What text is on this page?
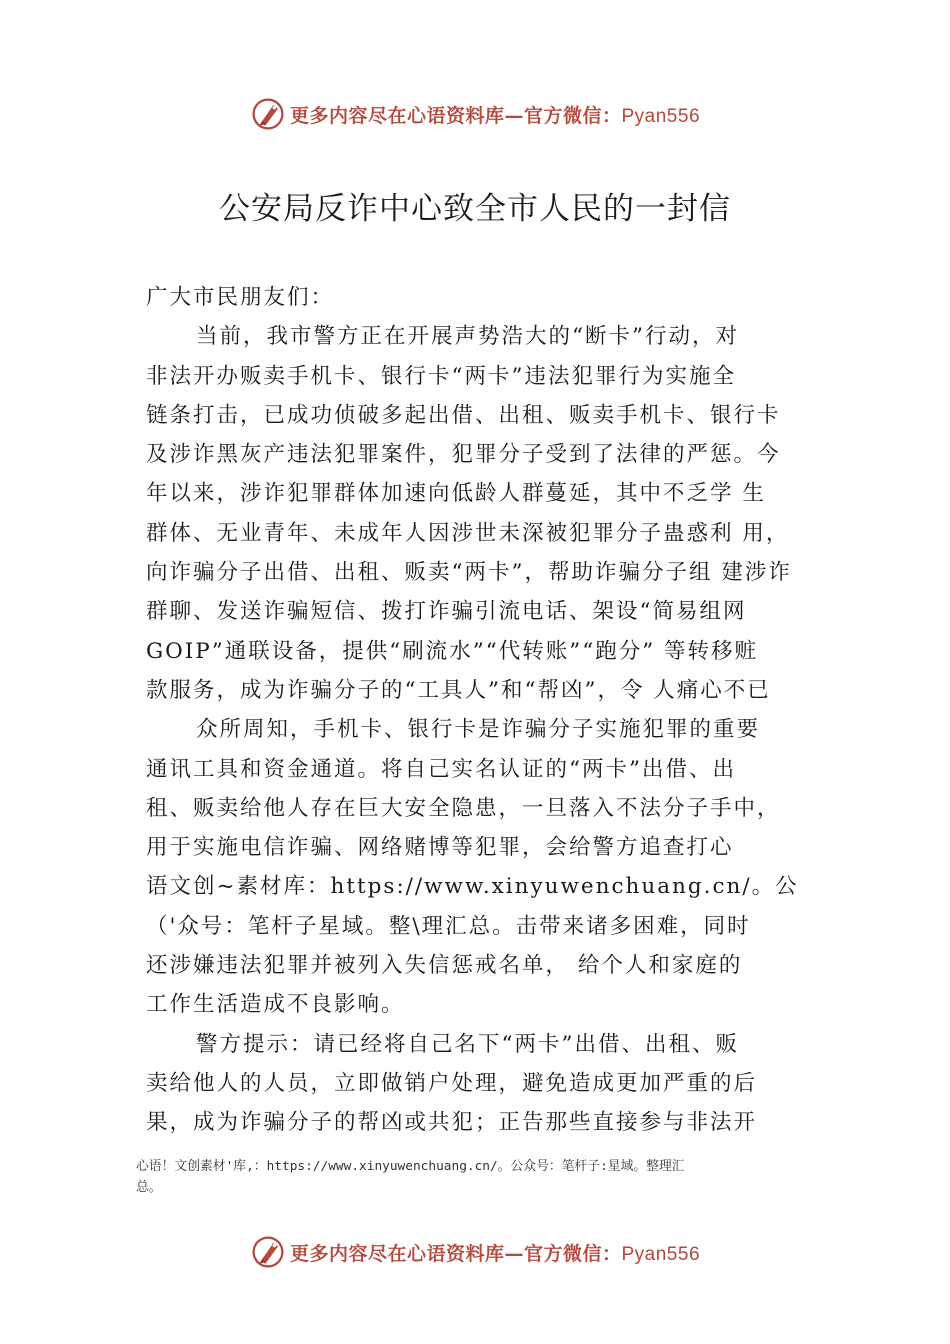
更多内容尽在心语资料库—官方微信：Pyan556
公安局反诈中心致全市人民的一封信

广大市民朋友们：

当前，我市警方正在开展声势浩大的“断卡”行动，对

非法开办贩卖手机卡、银行卡“两卡”违法犯罪行为实施全

链条打击，已成功侦破多起出借、出租、贩卖手机卡、银行卡

及涉诈黑灰产违法犯罪案件，犯罪分子受到了法律的严惩。今

年以来，涉诈犯罪群体加速向低龄人群蔓延，其中不乏学 生

群体、无业青年、未成年人因涉世未深被犯罪分子蛊惑利 用，

向诈骗分子出借、出租、贩卖“两卡”，帮助诈骗分子组 建涉诈

群聊、发送诈骗短信、拨打诈骗引流电话、架设“简易组网

GOIP”通联设备，提供“刷流水”“代转账”“跑分” 等转移赃

款服务，成为诈骗分子的“工具人”和“帮凶”，令 人痛心不已

众所周知，手机卡、银行卡是诈骗分子实施犯罪的重要

通讯工具和资金通道。将自己实名认证的“两卡”出借、出

租、贩卖给他人存在巨大安全隐患，一旦落入不法分子手中，

用于实施电信诈骗、网络赌博等犯罪，会给警方追查打心

语文创~素材库：https://www.xinyuwenchuang.cn/。公

（'众号：笔杆子星域。整\理汇总。击带来诸多困难，同时

还涉嫌违法犯罪并被列入失信惩戒名单， 给个人和家庭的

工作生活造成不良影响。

警方提示：请已经将自己名下“两卡”出借、出租、贩

卖给他人的人员，立即做销户处理，避免造成更加严重的后

果，成为诈骗分子的帮凶或共犯；正告那些直接参与非法开

心语！文创素材'库,：https://www.xinyuwenchuang.cn/。公众号：笔杆子:星域。整理汇

总。

更多内容尽在心语资料库—官方微信：Pyan556
